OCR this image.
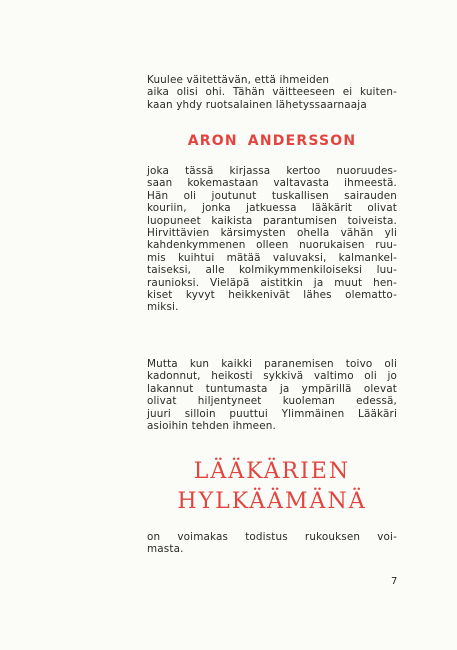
Kuulee väitettävän, että ihmeiden
aika olisi ohi. Tähän väitteeseen ei kuiten-
kaan yhdy ruotsalainen lähetyssaarnaaja
ARON ANDERSSON
joka tässä kirjassa kertoo nuoruudes-
saan kokemastaan valtavasta ihmeestä.
Hän oli joutunut tuskallisen sairauden
kouriin, jonka jatkuessa lääkärit olivat
luopuneet kaikista parantumisen toiveista.
Hirvittävien kärsimysten ohella vähän yli
kahdenkymmenen olleen nuorukaisen ruu-
mis kuihtui mätää valuvaksi, kalmankel-
taiseksi, alle kolmikymmenkiloiseksi luu-
raunioksi. Vieläpä aistitkin ja muut hen-
kiset kyvyt heikkenivät lähes olematto-
miksi.
Mutta kun kaikki paranemisen toivo oli
kadonnut, heikosti sykkivä valtimo oli jo
lakannut tuntumasta ja ympärillä olevat
olivat hiljentyneet kuoleman edessä,
juuri silloin puuttui Ylimmäinen Lääkäri
asioihin tehden ihmeen.
LÄÄKÄRIEN
HYLKÄÄMÄNÄ
on voimakas todistus rukouksen voi-
masta.
7
